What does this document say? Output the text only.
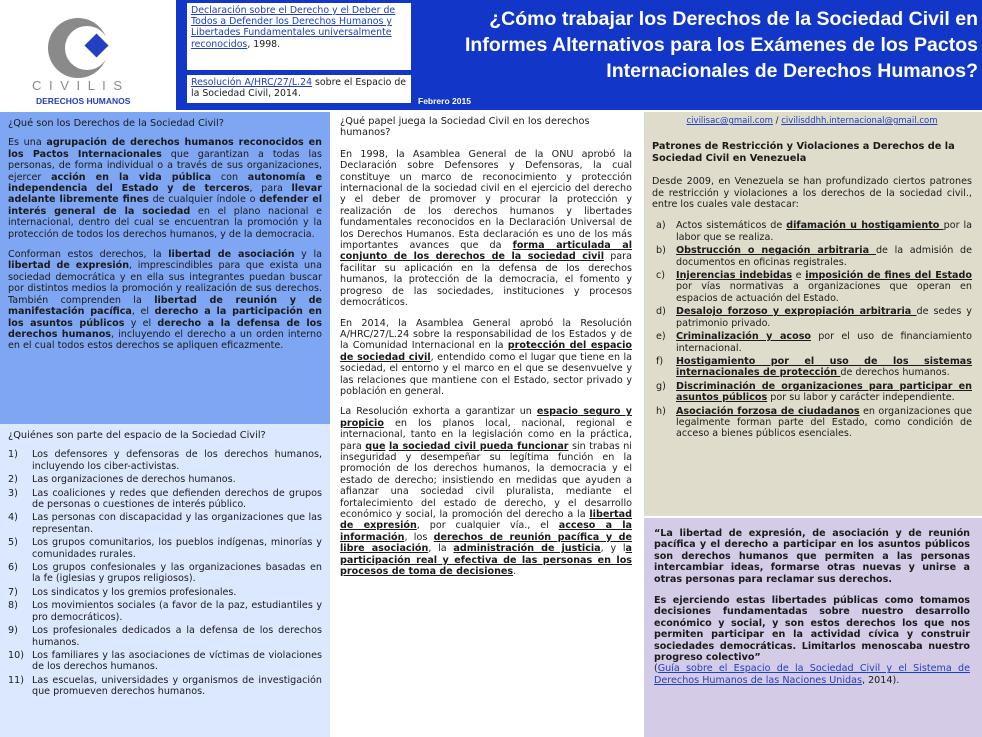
C I V I L I S
DERECHOS HUMANOS
Declaración sobre el Derecho y el Deber de Todos a Defender los Derechos Humanos y Libertades Fundamentales universalmente reconocidos, 1998.
Resolución A/HRC/27/L.24 sobre el Espacio de la Sociedad Civil, 2014.
¿Cómo trabajar los Derechos de la Sociedad Civil en Informes Alternativos para los Exámenes de los Pactos Internacionales de Derechos Humanos?
Febrero 2015
¿Qué son los Derechos de la Sociedad Civil?

Es una agrupación de derechos humanos reconocidos en los Pactos Internacionales que garantizan a todas las personas, de forma individual o a través de sus organizaciones, ejercer acción en la vida pública con autonomía e independencia del Estado y de terceros, para llevar adelante libremente fines de cualquier índole o defender el interés general de la sociedad en el plano nacional e internacional, dentro del cual se encuentran la promoción y la protección de todos los derechos humanos, y de la democracia.

Conforman estos derechos, la libertad de asociación y la libertad de expresión, imprescindibles para que exista una sociedad democrática y en ella sus integrantes puedan buscar por distintos medios la promoción y realización de sus derechos. También comprenden la libertad de reunión y de manifestación pacífica, el derecho a la participación en los asuntos públicos y el derecho a la defensa de los derechos humanos, incluyendo el derecho a un orden interno en el cual todos estos derechos se apliquen eficazmente.

¿Quiénes son parte del espacio de la Sociedad Civil?
1)	Los defensores y defensoras de los derechos humanos, incluyendo los ciber-activistas.
2)	Las organizaciones de derechos humanos.
3)	Las coaliciones y redes que defienden derechos de grupos de personas o cuestiones de interés público.
4)	Las personas con discapacidad y las organizaciones que las representan.
5)	Los grupos comunitarios, los pueblos indígenas, minorías y comunidades rurales.
6)	Los grupos confesionales y las organizaciones basadas en la fe (iglesias y grupos religiosos).
7)	Los sindicatos y los gremios profesionales.
8)	Los movimientos sociales (a favor de la paz, estudiantiles y pro democráticos).
9)	Los profesionales dedicados a la defensa de los derechos humanos.
10) Los familiares y las asociaciones de víctimas de violaciones de los derechos humanos.
11) Las escuelas, universidades y organismos de investigación que promueven derechos humanos.
¿Qué papel juega la Sociedad Civil en los derechos humanos?

En 1998, la Asamblea General de la ONU aprobó la Declaración sobre Defensores y Defensoras, la cual constituye un marco de reconocimiento y protección internacional de la sociedad civil en el ejercicio del derecho y el deber de promover y procurar la protección y realización de los derechos humanos y libertades fundamentales reconocidos en la Declaración Universal de los Derechos Humanos. Esta declaración es uno de los más importantes avances que da forma articulada al conjunto de los derechos de la sociedad civil para facilitar su aplicación en la defensa de los derechos humanos, la protección de la democracia, el fomento y progreso de las sociedades, instituciones y procesos democráticos.

En 2014, la Asamblea General aprobó la Resolución A/HRC/27/L.24 sobre la responsabilidad de los Estados y de la Comunidad Internacional en la protección del espacio de sociedad civil, entendido como el lugar que tiene en la sociedad, el entorno y el marco en el que se desenvuelve y las relaciones que mantiene con el Estado, sector privado y población en general.

La Resolución exhorta a garantizar un espacio seguro y propicio en los planos local, nacional, regional e internacional, tanto en la legislación como en la práctica, para que la sociedad civil pueda funcionar sin trabas ni inseguridad y desempeñar su legítima función en la promoción de los derechos humanos, la democracia y el estado de derecho; insistiendo en medidas que ayuden a afianzar una sociedad civil pluralista, mediante el fortalecimiento del estado de derecho, y el desarrollo económico y social, la promoción del derecho a la libertad de expresión, por cualquier vía., el acceso a la información, los derechos de reunión pacífica y de libre asociación, la administración de justicia, y la participación real y efectiva de las personas en los procesos de toma de decisiones.

civilisac@gmail.com / civilisddhh.internacional@gmail.com
Patrones de Restricción y Violaciones a Derechos de la Sociedad Civil en Venezuela

Desde 2009, en Venezuela se han profundizado ciertos patrones de restricción y violaciones a los derechos de la sociedad civil., entre los cuales vale destacar:

a)	Actos sistemáticos de difamación u hostigamiento por la labor que se realiza.
b)	Obstrucción o negación arbitraria de la admisión de documentos en oficinas registrales.
c)	Injerencias indebidas e imposición de fines del Estado por vías normativas a organizaciones que operan en espacios de actuación del Estado.
d)	Desalojo forzoso y expropiación arbitraria de sedes y patrimonio privado.
e)	Criminalización y acoso por el uso de financiamiento internacional.
f)	Hostigamiento por el uso de los sistemas internacionales de protección de derechos humanos.
g)	Discriminación de organizaciones para participar en asuntos públicos por su labor y carácter independiente.
h)	Asociación forzosa de ciudadanos en organizaciones que legalmente forman parte del Estado, como condición de acceso a bienes públicos esenciales.

“La libertad de expresión, de asociación y de reunión pacífica y el derecho a participar en los asuntos públicos son derechos humanos que permiten a las personas intercambiar ideas, formarse otras nuevas y unirse a otras personas para reclamar sus derechos.

Es ejerciendo estas libertades públicas como tomamos decisiones fundamentadas sobre nuestro desarrollo económico y social, y son estos derechos los que nos permiten participar en la actividad cívica y construir sociedades democráticas. Limitarlos menoscaba nuestro progreso colectivo”

(Guía sobre el Espacio de la Sociedad Civil y el Sistema de Derechos Humanos de las Naciones Unidas, 2014).
